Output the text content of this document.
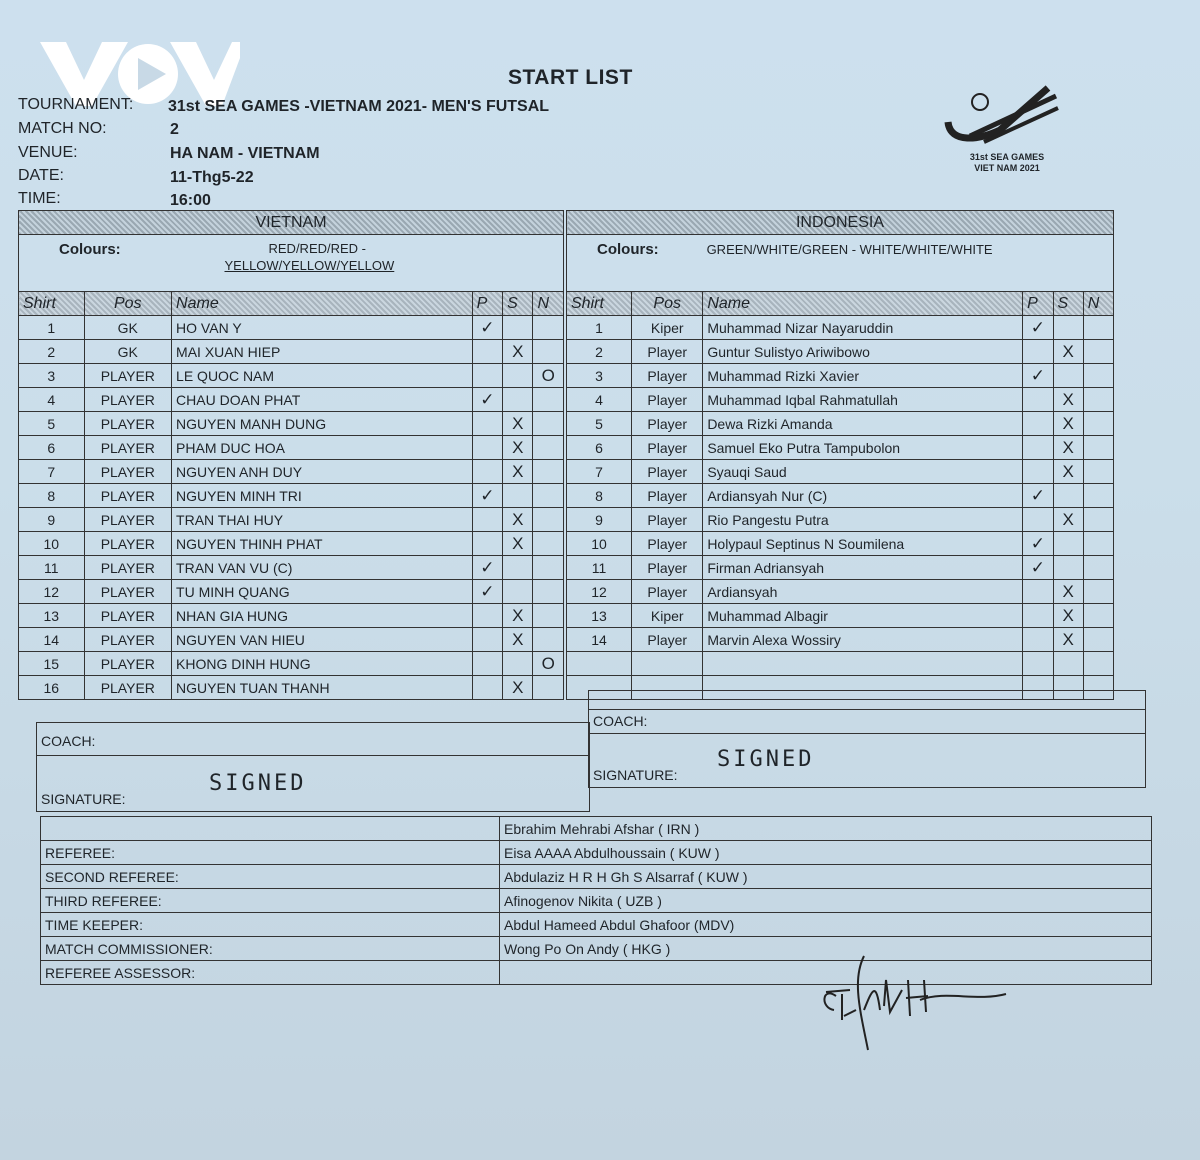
START LIST
TOURNAMENT: 31st SEA GAMES -VIETNAM 2021- MEN'S FUTSAL
MATCH NO:	2
VENUE:	HA NAM - VIETNAM
DATE:	11-Thg5-22
TIME:	16:00
31st SEA GAMES
VIET NAM 2021
VIETNAM					
Colours: RED/RED/RED -
YELLOW/YELLOW/YELLOW					

Shirt	Pos	Name	P	S	N
1	GK	HO VAN Y	✓		
2	GK	MAI XUAN HIEP		X	
3	PLAYER	LE QUOC NAM			O
4	PLAYER	CHAU DOAN PHAT	✓		
5	PLAYER	NGUYEN MANH DUNG		X	
6	PLAYER	PHAM DUC HOA		X	
7	PLAYER	NGUYEN ANH DUY		X	
8	PLAYER	NGUYEN MINH TRI	✓		
9	PLAYER	TRAN THAI HUY		X	
10	PLAYER	NGUYEN THINH PHAT		X	
11	PLAYER	TRAN VAN VU (C)	✓		
12	PLAYER	TU MINH QUANG	✓		
13	PLAYER	NHAN GIA HUNG		X	
14	PLAYER	NGUYEN VAN HIEU		X	
15	PLAYER	KHONG DINH HUNG			O
16	PLAYER	NGUYEN TUAN THANH		X	
INDONESIA					
Colours: GREEN/WHITE/GREEN - WHITE/WHITE/WHITE					
Shirt	Pos	Name	P	S	N
1	Kiper	Muhammad Nizar Nayaruddin	✓		
2	Player	Guntur Sulistyo Ariwibowo		X	
3	Player	Muhammad Rizki Xavier	✓		
4	Player	Muhammad Iqbal Rahmatullah		X	
5	Player	Dewa Rizki Amanda		X	
6	Player	Samuel Eko Putra Tampubolon		X	
7	Player	Syauqi Saud		X	
8	Player	Ardiansyah Nur (C)	✓		
9	Player	Rio Pangestu Putra		X	
10	Player	Holypaul Septinus N Soumilena	✓		
11	Player	Firman Adriansyah	✓		
12	Player	Ardiansyah		X	
13	Kiper	Muhammad Albagir		X	
14	Player	Marvin Alexa Wossiry		X	

COACH:
SIGNATURE:
SIGNED
COACH:
SIGNATURE:
SIGNED
	Ebrahim Mehrabi Afshar ( IRN )
REFEREE:	Eisa AAAA Abdulhoussain ( KUW )
SECOND REFEREE:	Abdulaziz H R H Gh S Alsarraf ( KUW )
THIRD REFEREE:	Afinogenov Nikita ( UZB )
TIME KEEPER:	Abdul Hameed Abdul Ghafoor (MDV)
MATCH COMMISSIONER:	Wong Po On Andy ( HKG )
REFEREE ASSESSOR:	
